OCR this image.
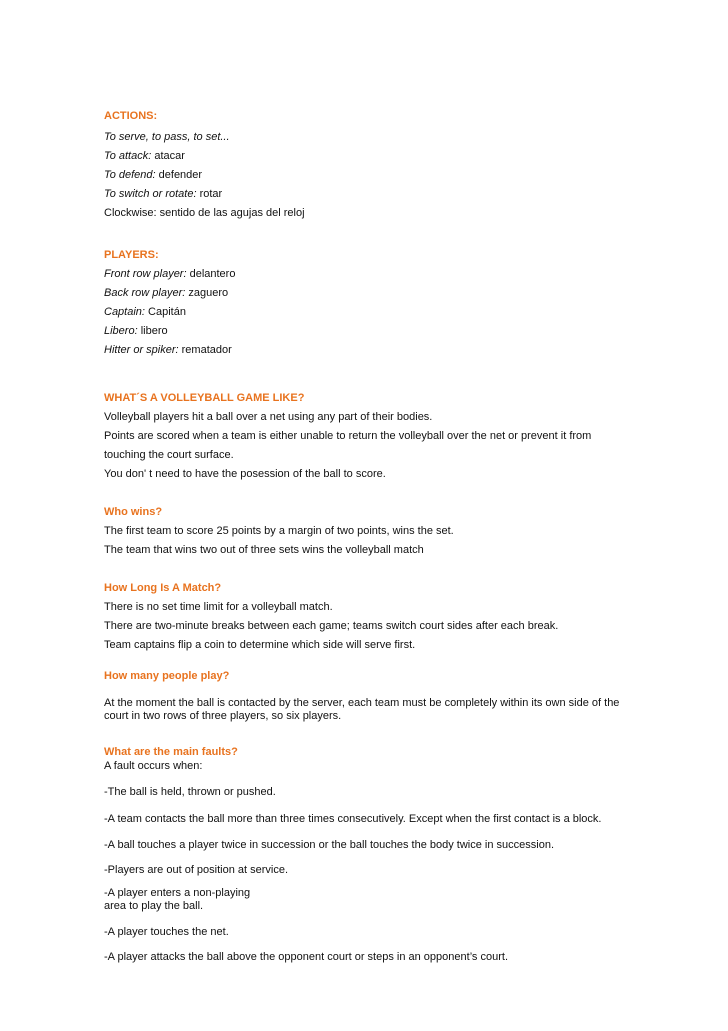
ACTIONS:
To serve, to pass, to set...
To attack: atacar
To defend: defender
To switch or rotate: rotar
Clockwise: sentido de las agujas del reloj
PLAYERS:
Front row player: delantero
Back row player: zaguero
Captain: Capitán
Libero: libero
Hitter or spiker: rematador
WHAT´S A VOLLEYBALL GAME LIKE?
Volleyball players hit a ball over a net using any part of their bodies.
Points are scored when a team is either unable to return the volleyball over the net or prevent it from
touching the court surface.
You don' t need to have the posession of the ball to score.
Who wins?
The first team to score 25 points by a margin of two points, wins the set.
The team that wins two out of three sets wins the volleyball match
How Long Is A Match?
There is no set time limit for a volleyball match.
There are two-minute breaks between each game; teams switch court sides after each break.
Team captains flip a coin to determine which side will serve first.
How many people play?
At the moment the ball is contacted by the server, each team must be completely within its own side of the
court in two rows of three players, so six players.
What are the main faults?
A fault occurs when:
-The ball is held, thrown or pushed.
-A team contacts the ball more than three times consecutively. Except when the first contact is a block.
-A ball touches a player twice in succession or the ball touches the body twice in succession.
-Players are out of position at service.
-A player enters a non-playing
area to play the ball.
-A player touches the net.
-A player attacks the ball above the opponent court or steps in an opponent’s court.
